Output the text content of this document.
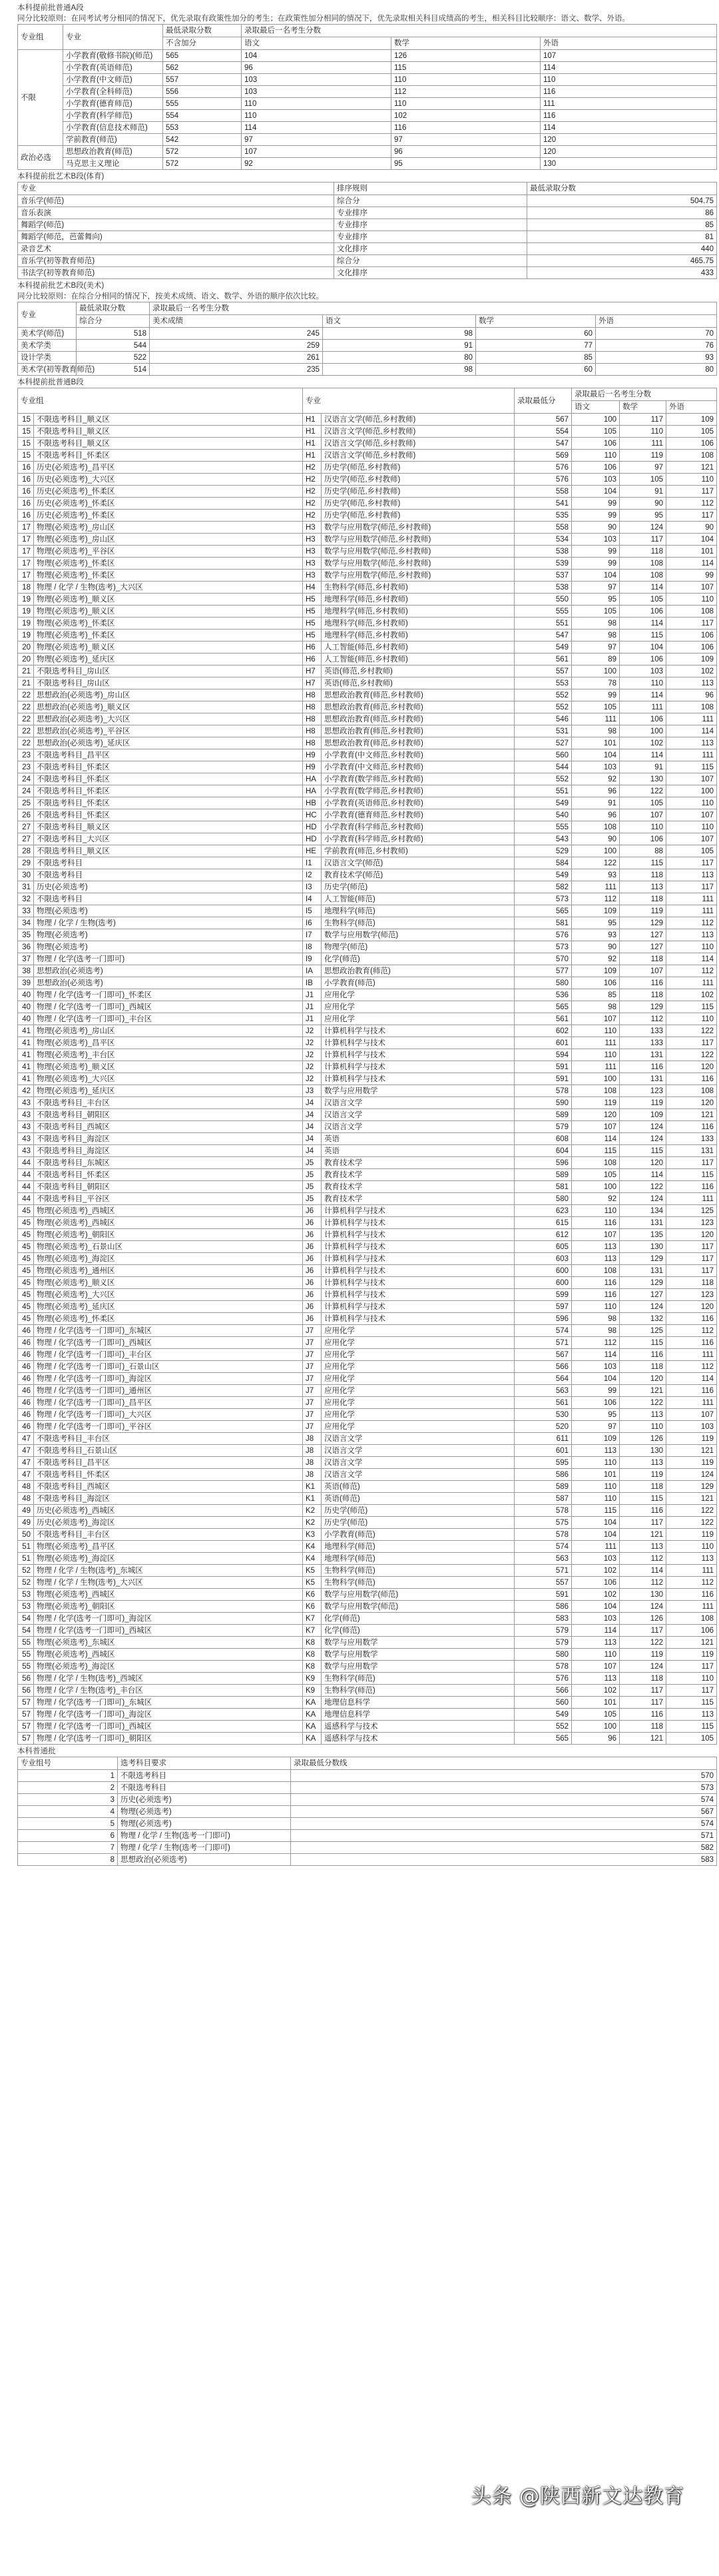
本科提前批普通A段
同分比较原则：在同考试考分相同的情况下，优先录取有政策性加分的考生；在政策性加分相同的情况下，优先录取相关科目成绩高的考生，相关科目比较顺序：语文、数学、外语。
专业组	专业	最低录取分数	录取最后一名考生分数		
		不含加分	语文	数学	外语
不限	小学教育(敬修书院)(师范)	565	104	126	107
	小学教育(英语师范)	562	96	115	114
	小学教育(中文师范)	557	103	110	110
	小学教育(全科师范)	556	103	112	116
	小学教育(德育师范)	555	110	110	111
	小学教育(科学师范)	554	110	102	116
	小学教育(信息技术师范)	553	114	116	114
	学前教育(师范)	542	97	97	120
政治必选	思想政治教育(师范)	572	107	96	120
	马克思主义理论	572	92	95	130
本科提前批艺术B段(体育)
专业	排序规则	最低录取分数
音乐学(师范)	综合分	504.75
音乐表演	专业排序	86
舞蹈学(师范)	专业排序	85
舞蹈学(师范，芭蕾舞向)	专业排序	81
录音艺术	文化排序	440
音乐学(初等教育师范)	综合分	465.75
书法学(初等教育师范)	文化排序	433
本科提前批艺术B段(美术)
同分比较原则：在综合分相同的情况下，按美术成绩、语文、数学、外语的顺序依次比较。
专业	最低录取分数	录取最后一名考生分数			
	综合分	美术成绩	语文	数学	外语
美术学(师范)	518	245	98	60	70
美术学类	544	259	91	77	76
设计学类	522	261	80	85	93
美术学(初等教育师范)	514	235	98	60	80
本科提前批普通B段
专业组		专业		录取最低分	录取最后一名考生分数		
					语文	数学	外语
15	不限选考科目_顺义区	H1	汉语言文学(师范,乡村教师)	567	100	117	109
15	不限选考科目_顺义区	H1	汉语言文学(师范,乡村教师)	554	105	110	105
15	不限选考科目_顺义区	H1	汉语言文学(师范,乡村教师)	547	106	111	106
15	不限选考科目_怀柔区	H1	汉语言文学(师范,乡村教师)	569	110	119	108
16	历史(必须选考)_昌平区	H2	历史学(师范,乡村教师)	576	106	97	121
16	历史(必须选考)_大兴区	H2	历史学(师范,乡村教师)	576	103	105	110
16	历史(必须选考)_怀柔区	H2	历史学(师范,乡村教师)	558	104	91	117
16	历史(必须选考)_怀柔区	H2	历史学(师范,乡村教师)	541	99	90	112
16	历史(必须选考)_怀柔区	H2	历史学(师范,乡村教师)	535	99	95	117
17	物理(必须选考)_房山区	H3	数学与应用数学(师范,乡村教师)	558	90	124	90
17	物理(必须选考)_房山区	H3	数学与应用数学(师范,乡村教师)	534	103	117	104
17	物理(必须选考)_平谷区	H3	数学与应用数学(师范,乡村教师)	538	99	118	101
17	物理(必须选考)_怀柔区	H3	数学与应用数学(师范,乡村教师)	539	99	108	114
17	物理(必须选考)_怀柔区	H3	数学与应用数学(师范,乡村教师)	537	104	108	99
18	物理 / 化学 / 生物(选考)_大兴区	H4	生物科学(师范,乡村教师)	538	97	114	107
19	物理(必须选考)_顺义区	H5	地理科学(师范,乡村教师)	550	95	105	110
19	物理(必须选考)_顺义区	H5	地理科学(师范,乡村教师)	555	105	106	108
19	物理(必须选考)_怀柔区	H5	地理科学(师范,乡村教师)	551	98	114	117
19	物理(必须选考)_怀柔区	H5	地理科学(师范,乡村教师)	547	98	115	106
20	物理(必须选考)_顺义区	H6	人工智能(师范,乡村教师)	549	97	104	106
20	物理(必须选考)_延庆区	H6	人工智能(师范,乡村教师)	561	89	106	109
21	不限选考科目_房山区	H7	英语(师范,乡村教师)	557	100	103	102
21	不限选考科目_房山区	H7	英语(师范,乡村教师)	553	78	110	113
22	思想政治(必须选考)_房山区	H8	思想政治教育(师范,乡村教师)	552	99	114	96
22	思想政治(必须选考)_顺义区	H8	思想政治教育(师范,乡村教师)	552	105	111	108
22	思想政治(必须选考)_大兴区	H8	思想政治教育(师范,乡村教师)	546	111	106	111
22	思想政治(必须选考)_平谷区	H8	思想政治教育(师范,乡村教师)	531	98	100	114
22	思想政治(必须选考)_延庆区	H8	思想政治教育(师范,乡村教师)	527	101	102	113
23	不限选考科目_昌平区	H9	小学教育(中文师范,乡村教师)	560	104	114	111
23	不限选考科目_怀柔区	H9	小学教育(中文师范,乡村教师)	544	103	91	115
24	不限选考科目_怀柔区	HA	小学教育(数学师范,乡村教师)	552	92	130	107
24	不限选考科目_怀柔区	HA	小学教育(数学师范,乡村教师)	551	96	122	100
25	不限选考科目_怀柔区	HB	小学教育(英语师范,乡村教师)	549	91	105	110
26	不限选考科目_怀柔区	HC	小学教育(德育师范,乡村教师)	540	96	107	107
27	不限选考科目_顺义区	HD	小学教育(科学师范,乡村教师)	555	108	110	110
27	不限选考科目_大兴区	HD	小学教育(科学师范,乡村教师)	543	90	106	107
28	不限选考科目_顺义区	HE	学前教育(师范,乡村教师)	529	100	88	105
29	不限选考科目	I1	汉语言文学(师范)	584	122	115	117
30	不限选考科目	I2	教育技术学(师范)	549	93	118	113
31	历史(必须选考)	I3	历史学(师范)	582	111	113	117
32	不限选考科目	I4	人工智能(师范)	573	112	118	111
33	物理(必须选考)	I5	地理科学(师范)	565	109	119	111
34	物理 / 化学 / 生物(选考)	I6	生物科学(师范)	581	95	129	112
35	物理(必须选考)	I7	数学与应用数学(师范)	576	93	127	113
36	物理(必须选考)	I8	物理学(师范)	573	90	127	110
37	物理 / 化学(选考一门即可)	I9	化学(师范)	570	92	118	114
38	思想政治(必须选考)	IA	思想政治教育(师范)	577	109	107	112
39	思想政治(必须选考)	IB	小学教育(师范)	580	106	116	111
40	物理 / 化学(选考一门即可)_怀柔区	J1	应用化学	536	85	118	102
40	物理 / 化学(选考一门即可)_西城区	J1	应用化学	565	98	129	115
40	物理 / 化学(选考一门即可)_丰台区	J1	应用化学	561	107	112	110
41	物理(必须选考)_房山区	J2	计算机科学与技术	602	110	133	122
41	物理(必须选考)_昌平区	J2	计算机科学与技术	601	111	133	117
41	物理(必须选考)_丰台区	J2	计算机科学与技术	594	110	131	122
41	物理(必须选考)_顺义区	J2	计算机科学与技术	591	111	116	120
41	物理(必须选考)_大兴区	J2	计算机科学与技术	591	100	131	116
42	物理(必须选考)_延庆区	J3	数学与应用数学	578	108	123	108
43	不限选考科目_丰台区	J4	汉语言文学	590	119	119	120
43	不限选考科目_朝阳区	J4	汉语言文学	589	120	109	121
43	不限选考科目_西城区	J4	汉语言文学	579	107	124	116
43	不限选考科目_海淀区	J4	英语	608	114	124	133
43	不限选考科目_海淀区	J4	英语	604	115	115	131
44	不限选考科目_东城区	J5	教育技术学	596	108	120	117
44	不限选考科目_怀柔区	J5	教育技术学	589	105	114	115
44	不限选考科目_朝阳区	J5	教育技术学	581	100	122	116
44	不限选考科目_平谷区	J5	教育技术学	580	92	124	111
45	物理(必须选考)_西城区	J6	计算机科学与技术	623	110	134	125
45	物理(必须选考)_西城区	J6	计算机科学与技术	615	116	131	123
45	物理(必须选考)_朝阳区	J6	计算机科学与技术	612	107	135	120
45	物理(必须选考)_石景山区	J6	计算机科学与技术	605	113	130	117
45	物理(必须选考)_海淀区	J6	计算机科学与技术	603	113	129	117
45	物理(必须选考)_通州区	J6	计算机科学与技术	600	108	131	117
45	物理(必须选考)_顺义区	J6	计算机科学与技术	600	116	129	118
45	物理(必须选考)_大兴区	J6	计算机科学与技术	599	116	127	123
45	物理(必须选考)_延庆区	J6	计算机科学与技术	597	110	124	120
45	物理(必须选考)_怀柔区	J6	计算机科学与技术	596	98	132	116
46	物理 / 化学(选考一门即可)_东城区	J7	应用化学	574	98	125	112
46	物理 / 化学(选考一门即可)_西城区	J7	应用化学	571	112	115	116
46	物理 / 化学(选考一门即可)_丰台区	J7	应用化学	567	114	116	111
46	物理 / 化学(选考一门即可)_石景山区	J7	应用化学	566	103	118	112
46	物理 / 化学(选考一门即可)_海淀区	J7	应用化学	564	104	120	114
46	物理 / 化学(选考一门即可)_通州区	J7	应用化学	563	99	121	116
46	物理 / 化学(选考一门即可)_昌平区	J7	应用化学	561	106	122	111
46	物理 / 化学(选考一门即可)_大兴区	J7	应用化学	530	95	113	107
46	物理 / 化学(选考一门即可)_平谷区	J7	应用化学	520	97	110	103
47	不限选考科目_丰台区	J8	汉语言文学	611	109	126	119
47	不限选考科目_石景山区	J8	汉语言文学	601	113	130	121
47	不限选考科目_昌平区	J8	汉语言文学	595	110	113	119
47	不限选考科目_怀柔区	J8	汉语言文学	586	101	119	124
48	不限选考科目_西城区	K1	英语(师范)	589	110	118	129
48	不限选考科目_海淀区	K1	英语(师范)	587	110	115	121
49	历史(必须选考)_西城区	K2	历史学(师范)	578	115	116	122
49	历史(必须选考)_海淀区	K2	历史学(师范)	575	104	117	122
50	不限选考科目_丰台区	K3	小学教育(师范)	578	104	121	119
51	物理(必须选考)_昌平区	K4	地理科学(师范)	574	111	113	110
51	物理(必须选考)_海淀区	K4	地理科学(师范)	563	103	112	113
52	物理 / 化学 / 生物(选考)_东城区	K5	生物科学(师范)	571	102	114	111
52	物理 / 化学 / 生物(选考)_大兴区	K5	生物科学(师范)	557	106	112	112
53	物理(必须选考)_西城区	K6	数学与应用数学(师范)	591	102	130	116
53	物理(必须选考)_朝阳区	K6	数学与应用数学(师范)	586	104	124	111
54	物理 / 化学(选考一门即可)_海淀区	K7	化学(师范)	583	103	126	108
54	物理 / 化学(选考一门即可)_西城区	K7	化学(师范)	579	114	117	106
55	物理(必须选考)_东城区	K8	数学与应用数学	579	113	122	121
55	物理(必须选考)_西城区	K8	数学与应用数学	580	110	119	119
55	物理(必须选考)_海淀区	K8	数学与应用数学	578	107	124	117
56	物理 / 化学 / 生物(选考)_西城区	K9	生物科学(师范)	576	113	118	110
56	物理 / 化学 / 生物(选考)_丰台区	K9	生物科学(师范)	566	102	117	117
57	物理 / 化学(选考一门即可)_东城区	KA	地理信息科学	560	101	117	115
57	物理 / 化学(选考一门即可)_海淀区	KA	地理信息科学	549	105	116	113
57	物理 / 化学(选考一门即可)_西城区	KA	遥感科学与技术	552	100	118	115
57	物理 / 化学(选考一门即可)_朝阳区	KA	遥感科学与技术	565	96	121	105
本科普通批
专业组号	选考科目要求	录取最低分数线
1	不限选考科目	570
2	不限选考科目	573
3	历史(必须选考)	574
4	物理(必须选考)	567
5	物理(必须选考)	574
6	物理 / 化学 / 生物(选考一门即可)	571
7	物理 / 化学 / 生物(选考一门即可)	582
8	思想政治(必须选考)	583
头条 @陕西新文达教育
